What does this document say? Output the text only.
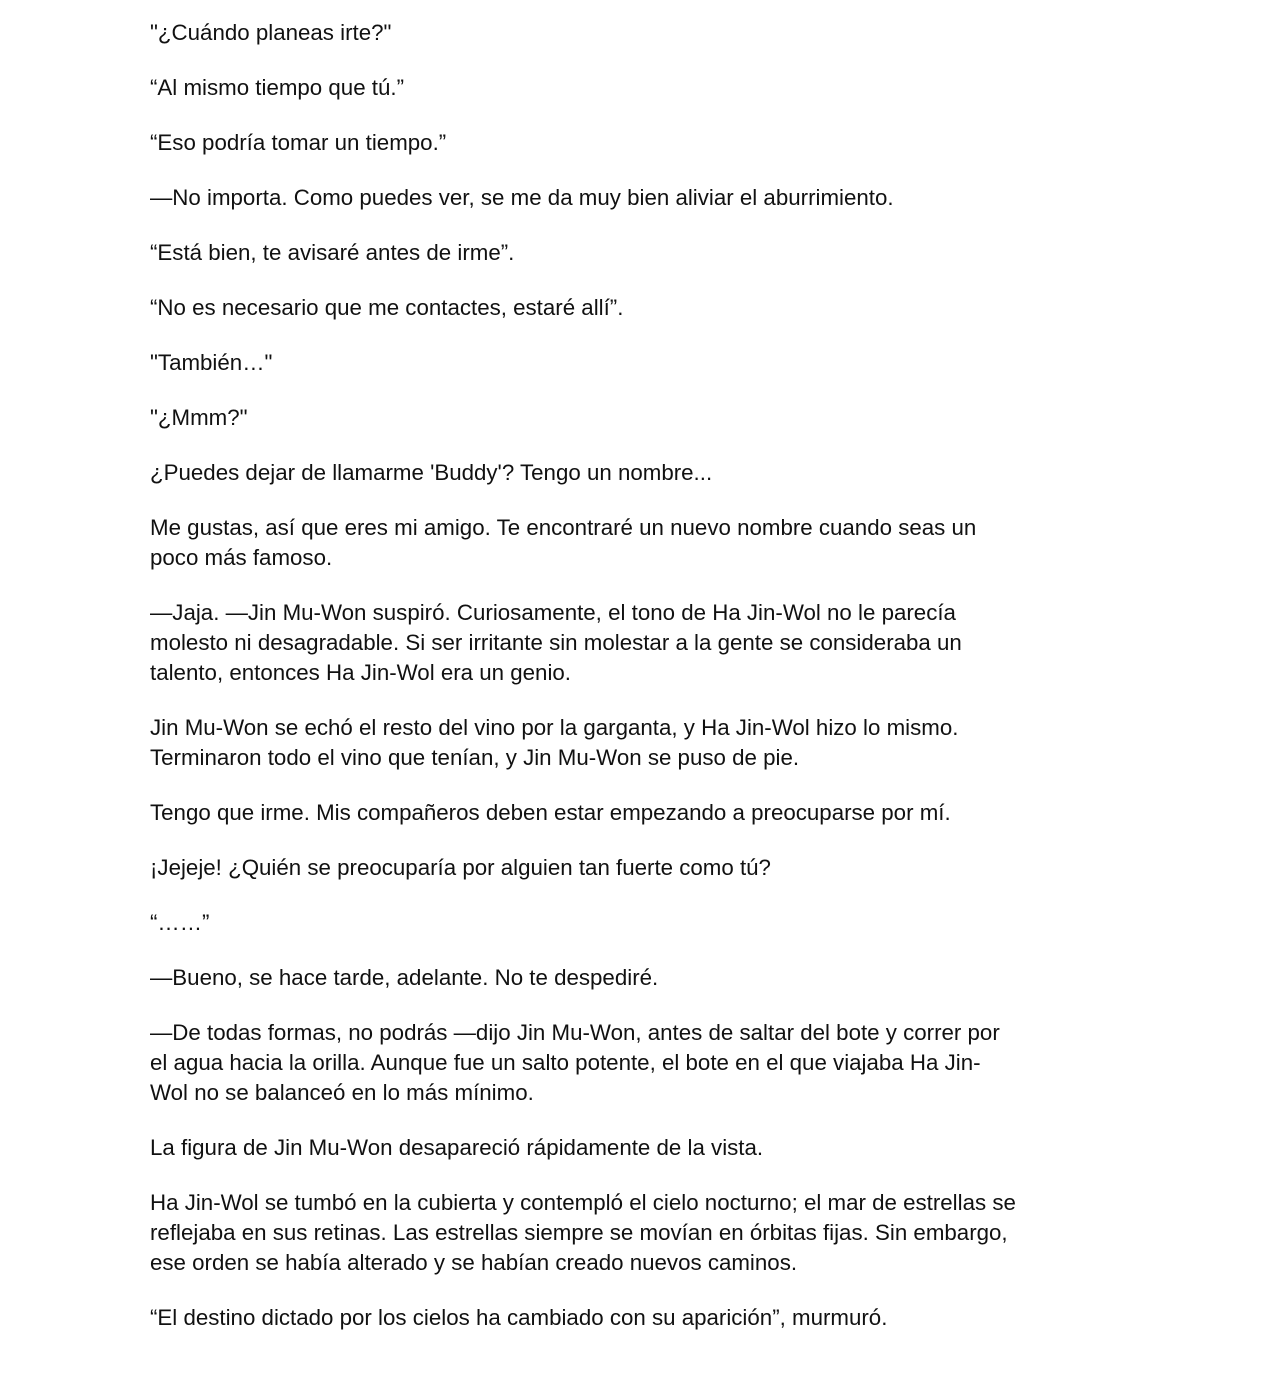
"¿Cuándo planeas irte?"

“Al mismo tiempo que tú.”

“Eso podría tomar un tiempo.”

—No importa. Como puedes ver, se me da muy bien aliviar el aburrimiento.

“Está bien, te avisaré antes de irme”.

“No es necesario que me contactes, estaré allí”.

"También…"

"¿Mmm?"

¿Puedes dejar de llamarme 'Buddy'? Tengo un nombre...

Me gustas, así que eres mi amigo. Te encontraré un nuevo nombre cuando seas un
poco más famoso.

—Jaja. —Jin Mu-Won suspiró. Curiosamente, el tono de Ha Jin-Wol no le parecía
molesto ni desagradable. Si ser irritante sin molestar a la gente se consideraba un
talento, entonces Ha Jin-Wol era un genio.

Jin Mu-Won se echó el resto del vino por la garganta, y Ha Jin-Wol hizo lo mismo.
Terminaron todo el vino que tenían, y Jin Mu-Won se puso de pie.

Tengo que irme. Mis compañeros deben estar empezando a preocuparse por mí.

¡Jejeje! ¿Quién se preocuparía por alguien tan fuerte como tú?

“……”

—Bueno, se hace tarde, adelante. No te despediré.

—De todas formas, no podrás —dijo Jin Mu-Won, antes de saltar del bote y correr por
el agua hacia la orilla. Aunque fue un salto potente, el bote en el que viajaba Ha Jin-
Wol no se balanceó en lo más mínimo.

La figura de Jin Mu-Won desapareció rápidamente de la vista.

Ha Jin-Wol se tumbó en la cubierta y contempló el cielo nocturno; el mar de estrellas se
reflejaba en sus retinas. Las estrellas siempre se movían en órbitas fijas. Sin embargo,
ese orden se había alterado y se habían creado nuevos caminos.

“El destino dictado por los cielos ha cambiado con su aparición”, murmuró.
